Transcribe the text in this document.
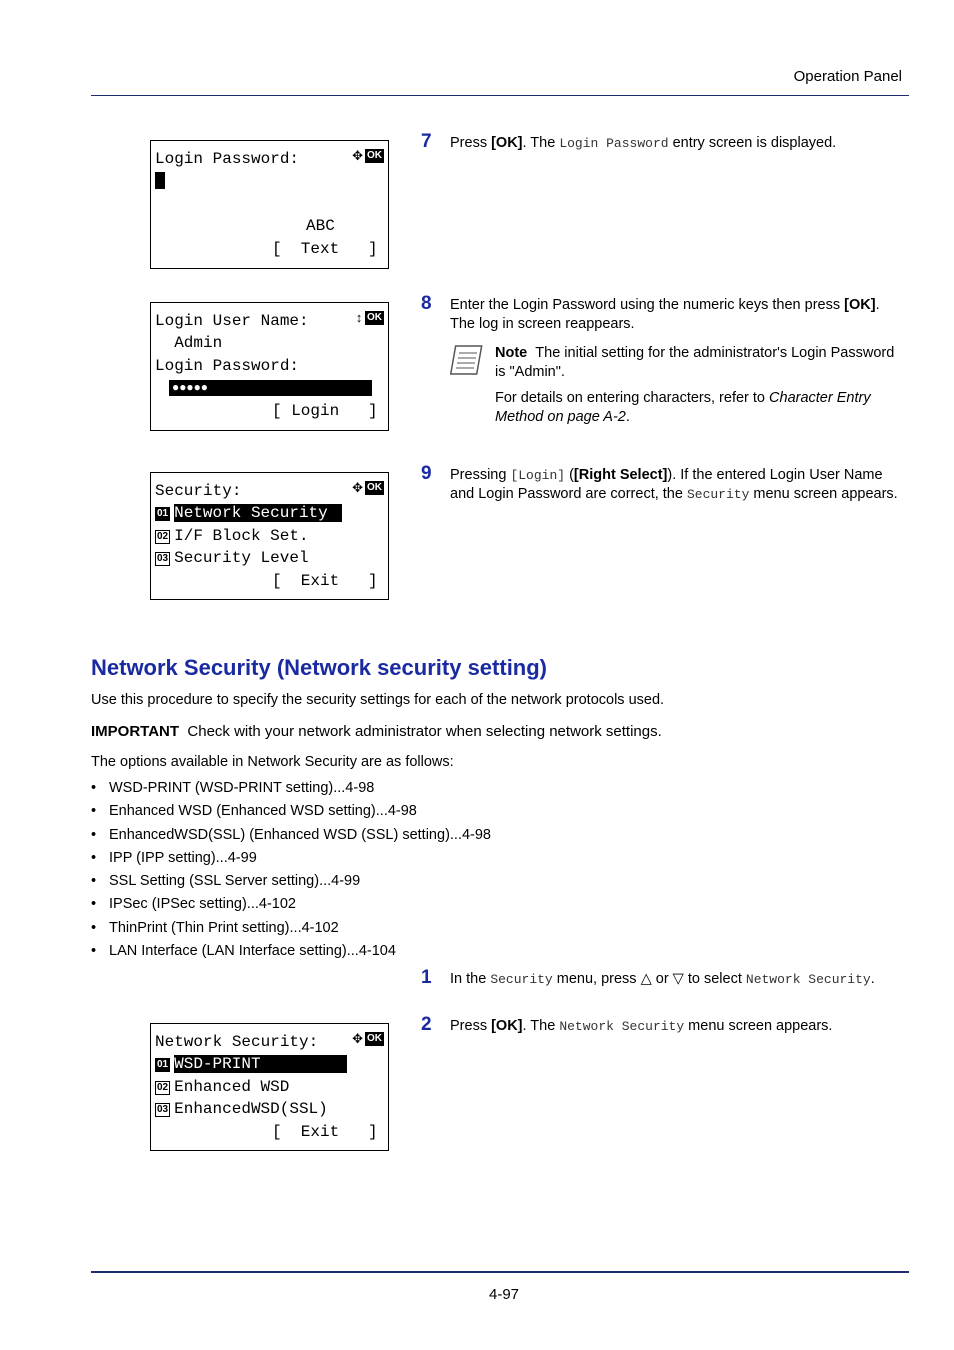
Operation Panel
Login Password:	✥ OK
ABC
[  Text   ]
Login User Name:	↕ OK
Admin
Login Password:
●●●●●
[ Login   ]
Security:	✥ OK
01 Network Security
02 I/F Block Set.
03 Security Level
[  Exit   ]
7 Press [OK]. The Login Password entry screen is displayed.
8 Enter the Login Password using the numeric keys then press [OK].
The log in screen reappears.
Note The initial setting for the administrator's Login Password is "Admin".
For details on entering characters, refer to Character Entry Method on page A-2.
9 Pressing [Login] ([Right Select]). If the entered Login User Name and Login Password are correct, the Security menu screen appears.
Network Security (Network security setting)
Use this procedure to specify the security settings for each of the network protocols used.
IMPORTANT Check with your network administrator when selecting network settings.
The options available in Network Security are as follows:
• WSD-PRINT (WSD-PRINT setting)...4-98
• Enhanced WSD (Enhanced WSD setting)...4-98
• EnhancedWSD(SSL) (Enhanced WSD (SSL) setting)...4-98
• IPP (IPP setting)...4-99
• SSL Setting (SSL Server setting)...4-99
• IPSec (IPSec setting)...4-102
• ThinPrint (Thin Print setting)...4-102
• LAN Interface (LAN Interface setting)...4-104
1 In the Security menu, press △ or ▽ to select Network Security.
2 Press [OK]. The Network Security menu screen appears.
Network Security:	✥ OK
01 WSD-PRINT
02 Enhanced WSD
03 EnhancedWSD(SSL)
[  Exit   ]
4-97
